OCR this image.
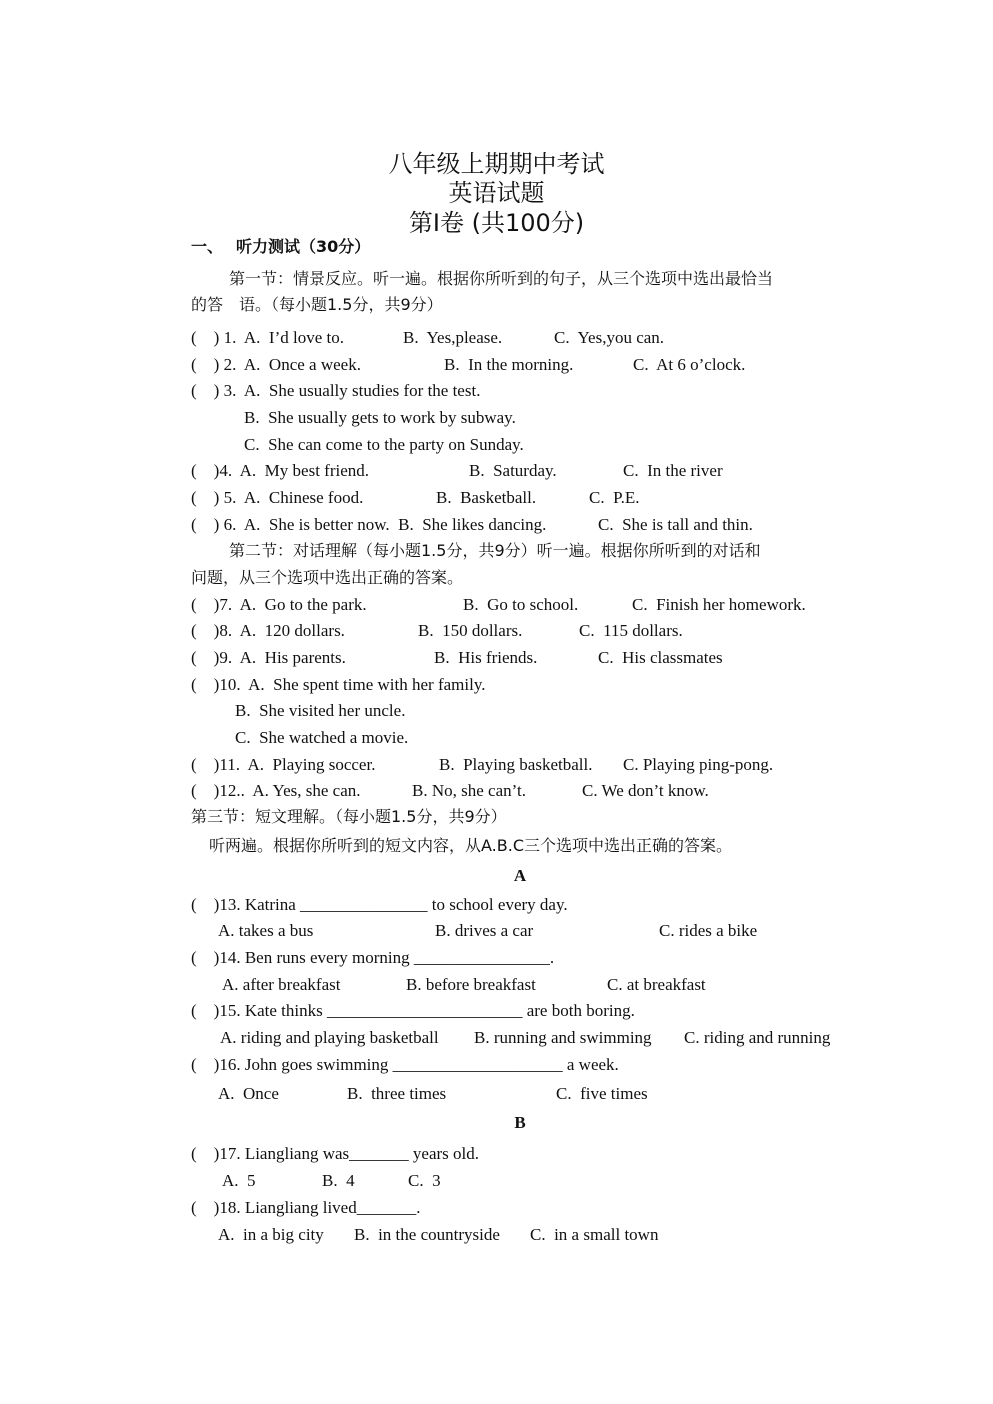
八年级上期期中考试
英语试题
第Ⅰ卷 (共100分)
一、 听力测试（30分）
第一节：情景反应。听一遍。根据你所听到的句子，从三个选项中选出最恰当
的答　语。（每小题1.5分，共9分）
(    ) 1.  A.  I’d love to.	B.  Yes,please.	C.  Yes,you can.
(    ) 2.  A.  Once a week.	B.  In the morning.	C.  At 6 o’clock.
(    ) 3.  A.  She usually studies for the test.
B.  She usually gets to work by subway.
C.  She can come to the party on Sunday.
(    )4.  A.  My best friend.	B.  Saturday.	C.  In the river
(    ) 5.  A.  Chinese food.	B.  Basketball.	C.  P.E.
(    ) 6.  A.  She is better now.  B.  She likes dancing.	C.  She is tall and thin.
第二节：对话理解（每小题1.5分，共9分）听一遍。根据你所听到的对话和
问题，从三个选项中选出正确的答案。
(    )7.  A.  Go to the park.	B.  Go to school.	C.  Finish her homework.
(    )8.  A.  120 dollars.	B.  150 dollars.	C.  115 dollars.
(    )9.  A.  His parents.	B.  His friends.	C.  His classmates
(    )10.  A.  She spent time with her family.
B.  She visited her uncle.
C.  She watched a movie.
(    )11.  A.  Playing soccer.	B.  Playing basketball. C. Playing ping-pong.
(    )12..  A. Yes, she can.	B. No, she can’t.	C. We don’t know.
第三节：短文理解。（每小题1.5分，共9分）
听两遍。根据你所听到的短文内容，从A.B.C三个选项中选出正确的答案。
A
(    )13. Katrina _______________ to school every day.
A. takes a bus	B. drives a car	C. rides a bike
(    )14. Ben runs every morning ________________.
A. after breakfast	B. before breakfast	C. at breakfast
(    )15. Kate thinks _______________________ are both boring.
A. riding and playing basketball B. running and swimming C. riding and running
(    )16. John goes swimming ____________________ a week.
A.  Once	B.  three times	C.  five times
B
(    )17. Liangliang was_______ years old.
A.  5	B.  4	C.  3
(    )18. Liangliang lived_______.
A.  in a big city B.  in the countryside C.  in a small town
